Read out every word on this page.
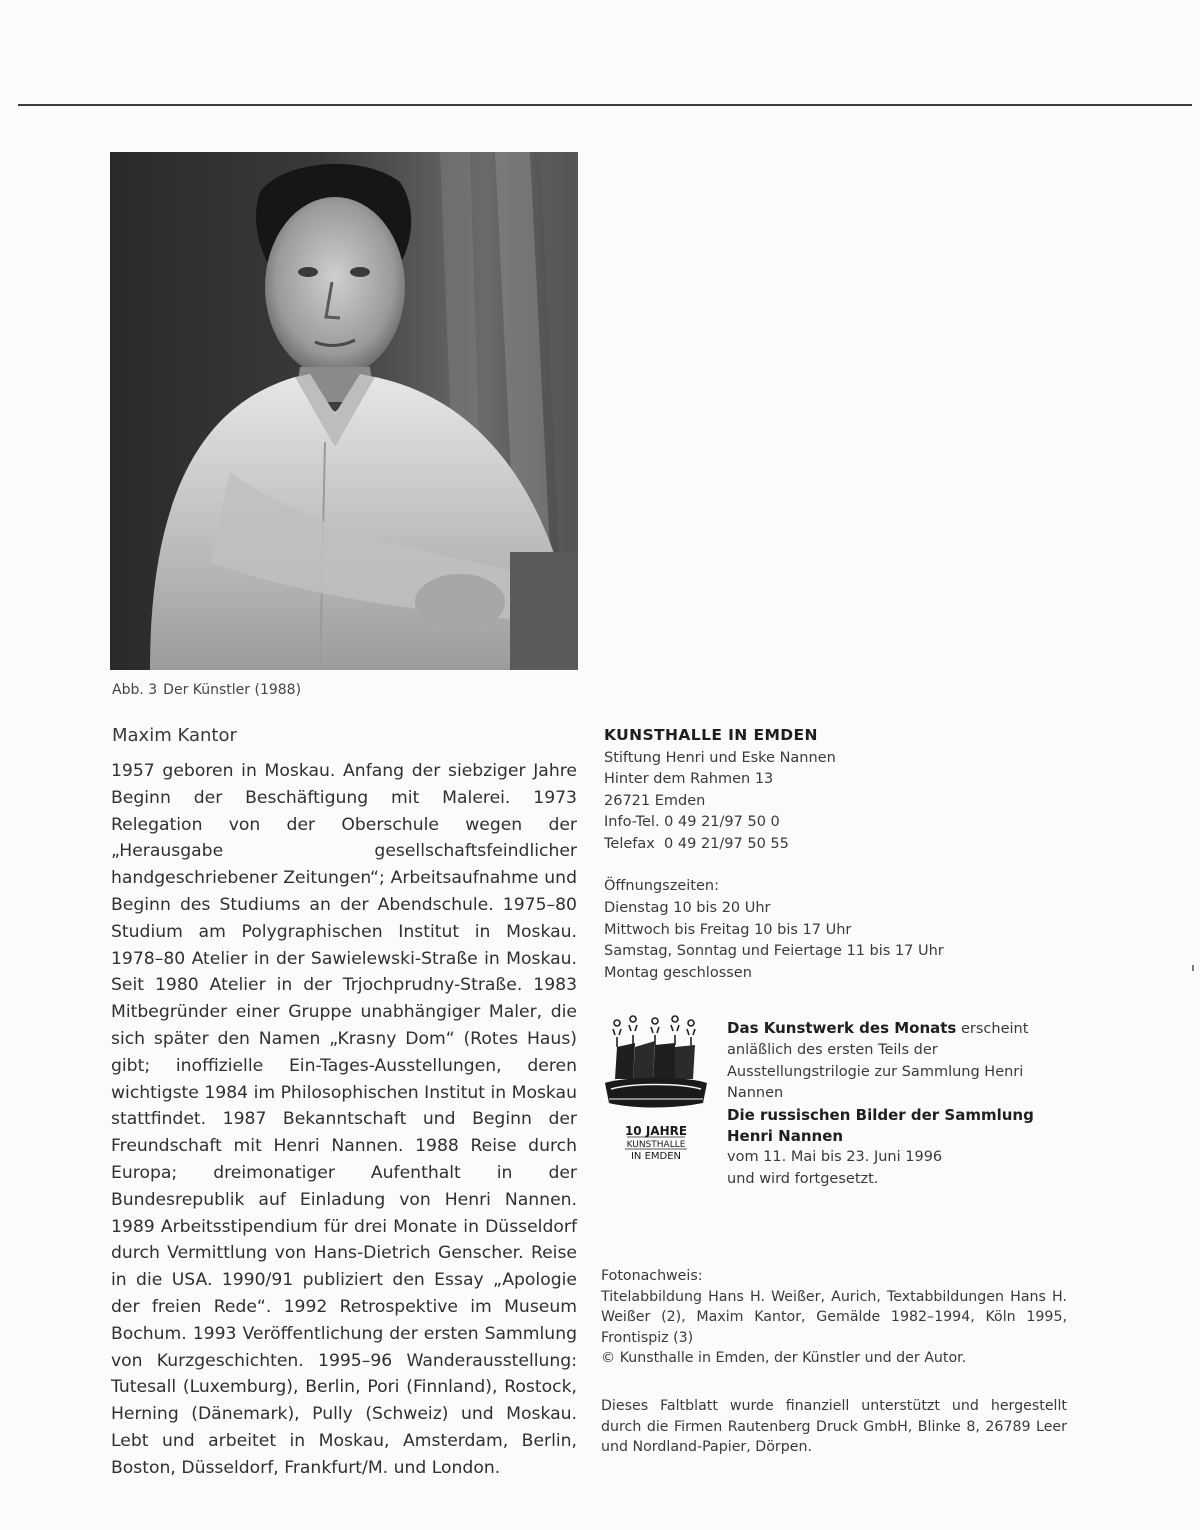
Abb. 3 Der Künstler (1988)
Maxim Kantor
1957 geboren in Moskau. Anfang der siebziger Jahre Beginn der Beschäftigung mit Malerei. 1973 Relegation von der Oberschule wegen der „Herausgabe gesellschaftsfeindlicher handgeschriebener Zeitungen“; Arbeitsaufnahme und Beginn des Studiums an der Abendschule. 1975–80 Studium am Polygraphischen Institut in Moskau. 1978–80 Atelier in der Sawielewski-Straße in Moskau. Seit 1980 Atelier in der Trjochprudny-Straße. 1983 Mitbegründer einer Gruppe unabhängiger Maler, die sich später den Namen „Krasny Dom“ (Rotes Haus) gibt; inoffizielle Ein-Tages-Ausstellungen, deren wichtigste 1984 im Philosophischen Institut in Moskau stattfindet. 1987 Bekanntschaft und Beginn der Freundschaft mit Henri Nannen. 1988 Reise durch Europa; dreimonatiger Aufenthalt in der Bundesrepublik auf Einladung von Henri Nannen. 1989 Arbeitsstipendium für drei Monate in Düsseldorf durch Vermittlung von Hans-Dietrich Genscher. Reise in die USA. 1990/91 publiziert den Essay „Apologie der freien Rede“. 1992 Retrospektive im Museum Bochum. 1993 Veröffentlichung der ersten Sammlung von Kurzgeschichten. 1995–96 Wanderausstellung: Tutesall (Luxemburg), Berlin, Pori (Finnland), Rostock, Herning (Dänemark), Pully (Schweiz) und Moskau. Lebt und arbeitet in Moskau, Amsterdam, Berlin, Boston, Düsseldorf, Frankfurt/M. und London.
KUNSTHALLE IN EMDEN
Stiftung Henri und Eske Nannen
Hinter dem Rahmen 13
26721 Emden
Info-Tel. 0 49 21/97 50 0
Telefax  0 49 21/97 50 55
Öffnungszeiten:
Dienstag 10 bis 20 Uhr
Mittwoch bis Freitag 10 bis 17 Uhr
Samstag, Sonntag und Feiertage 11 bis 17 Uhr
Montag geschlossen
10 JAHRE
KUNSTHALLE
IN EMDEN
Das Kunstwerk des Monats erscheint anläßlich des ersten Teils der Ausstellungstrilogie zur Sammlung Henri Nannen
Die russischen Bilder der Sammlung Henri Nannen
vom 11. Mai bis 23. Juni 1996
und wird fortgesetzt.
Fotonachweis:
Titelabbildung Hans H. Weißer, Aurich, Textabbildungen Hans H. Weißer (2), Maxim Kantor, Gemälde 1982–1994, Köln 1995, Frontispiz (3)
© Kunsthalle in Emden, der Künstler und der Autor.
Dieses Faltblatt wurde finanziell unterstützt und hergestellt durch die Firmen Rautenberg Druck GmbH, Blinke 8, 26789 Leer und Nordland-Papier, Dörpen.
